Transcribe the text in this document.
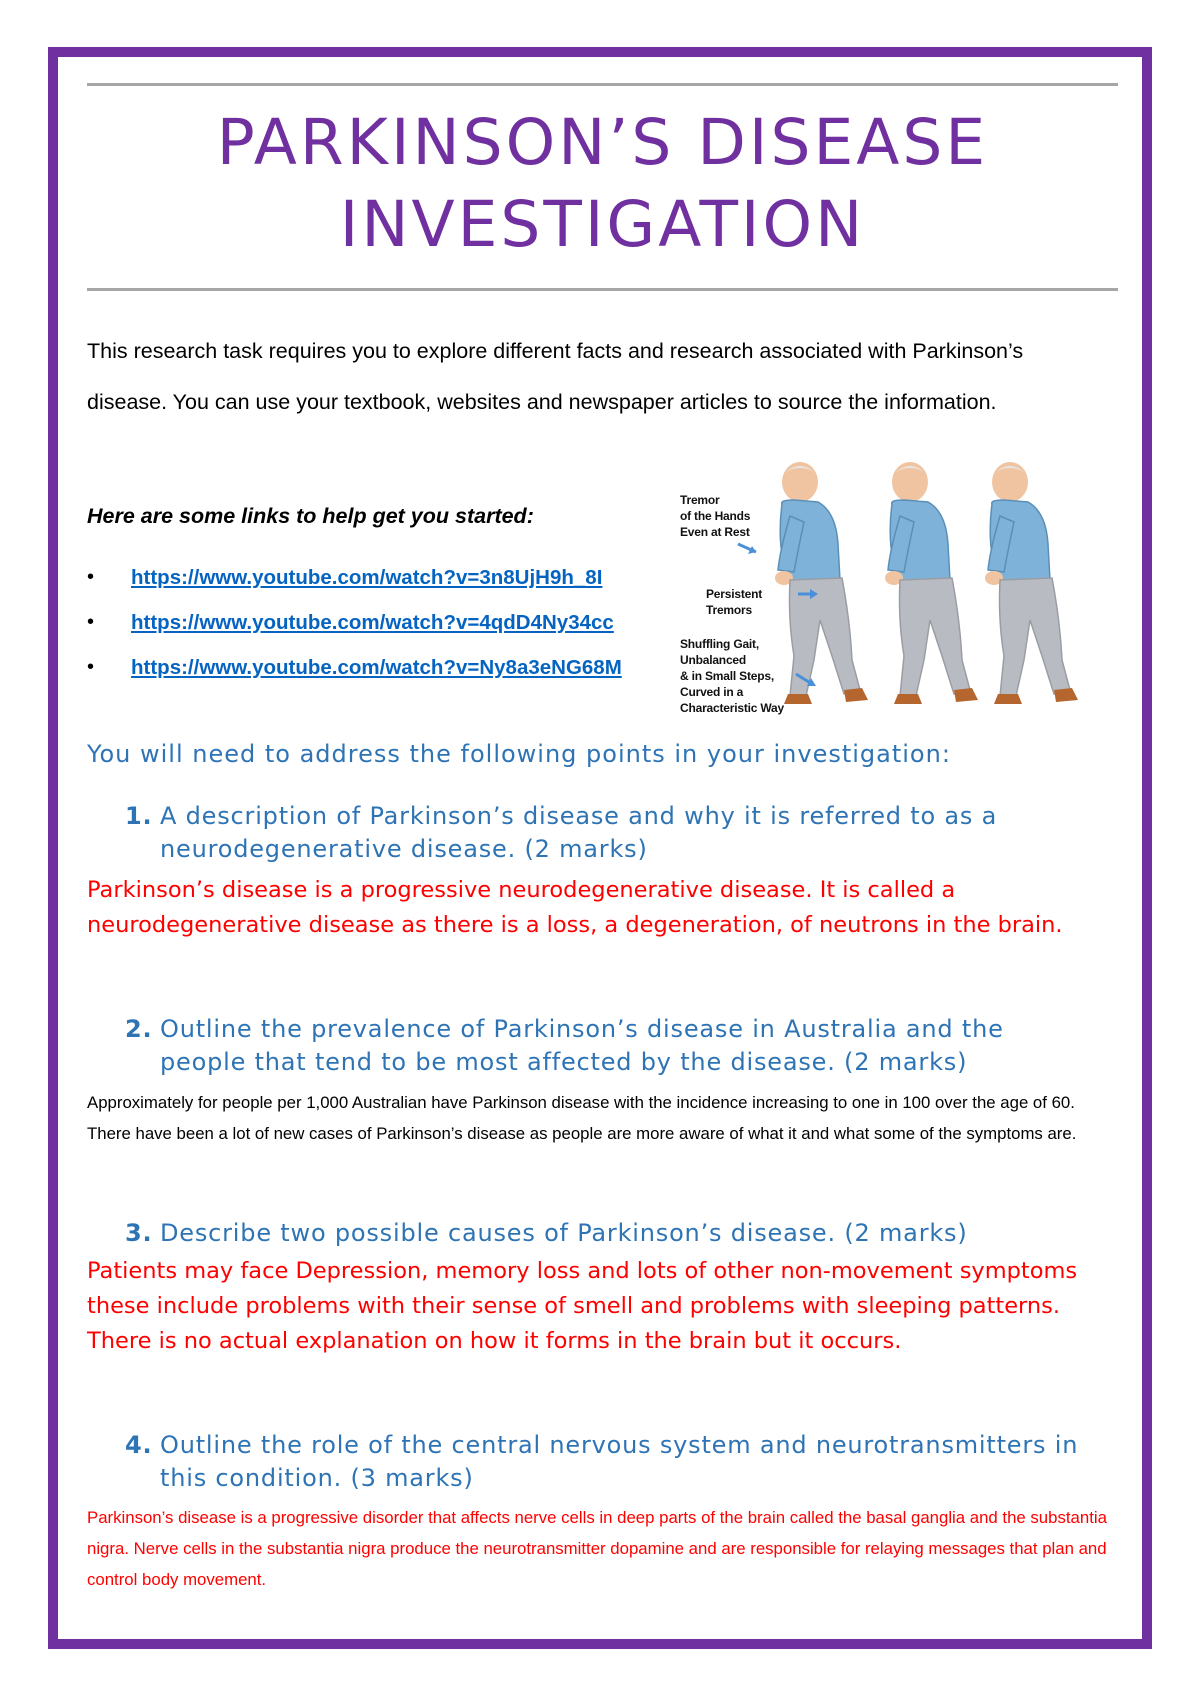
PARKINSON’S DISEASE INVESTIGATION

This research task requires you to explore different facts and research associated with Parkinson’s disease. You can use your textbook, websites and newspaper articles to source the information.

Here are some links to help get you started:

• https://www.youtube.com/watch?v=3n8UjH9h_8I
• https://www.youtube.com/watch?v=4qdD4Ny34cc
• https://www.youtube.com/watch?v=Ny8a3eNG68M
Tremor
of the Hands
Even at Rest
Persistent
Tremors
Shuffling Gait,
Unbalanced
& in Small Steps,
Curved in a
Characteristic Way
You will need to address the following points in your investigation:
1. A description of Parkinson’s disease and why it is referred to as a neurodegenerative disease. (2 marks)

Parkinson’s disease is a progressive neurodegenerative disease. It is called a neurodegenerative disease as there is a loss, a degeneration, of neutrons in the brain.

2. Outline the prevalence of Parkinson’s disease in Australia and the people that tend to be most affected by the disease. (2 marks)

Approximately for people per 1,000 Australian have Parkinson disease with the incidence increasing to one in 100 over the age of 60. There have been a lot of new cases of Parkinson’s disease as people are more aware of what it and what some of the symptoms are.

3. Describe two possible causes of Parkinson’s disease. (2 marks)

Patients may face Depression, memory loss and lots of other non-movement symptoms these include problems with their sense of smell and problems with sleeping patterns. There is no actual explanation on how it forms in the brain but it occurs.

4. Outline the role of the central nervous system and neurotransmitters in this condition. (3 marks)

Parkinson’s disease is a progressive disorder that affects nerve cells in deep parts of the brain called the basal ganglia and the substantia nigra. Nerve cells in the substantia nigra produce the neurotransmitter dopamine and are responsible for relaying messages that plan and control body movement.
